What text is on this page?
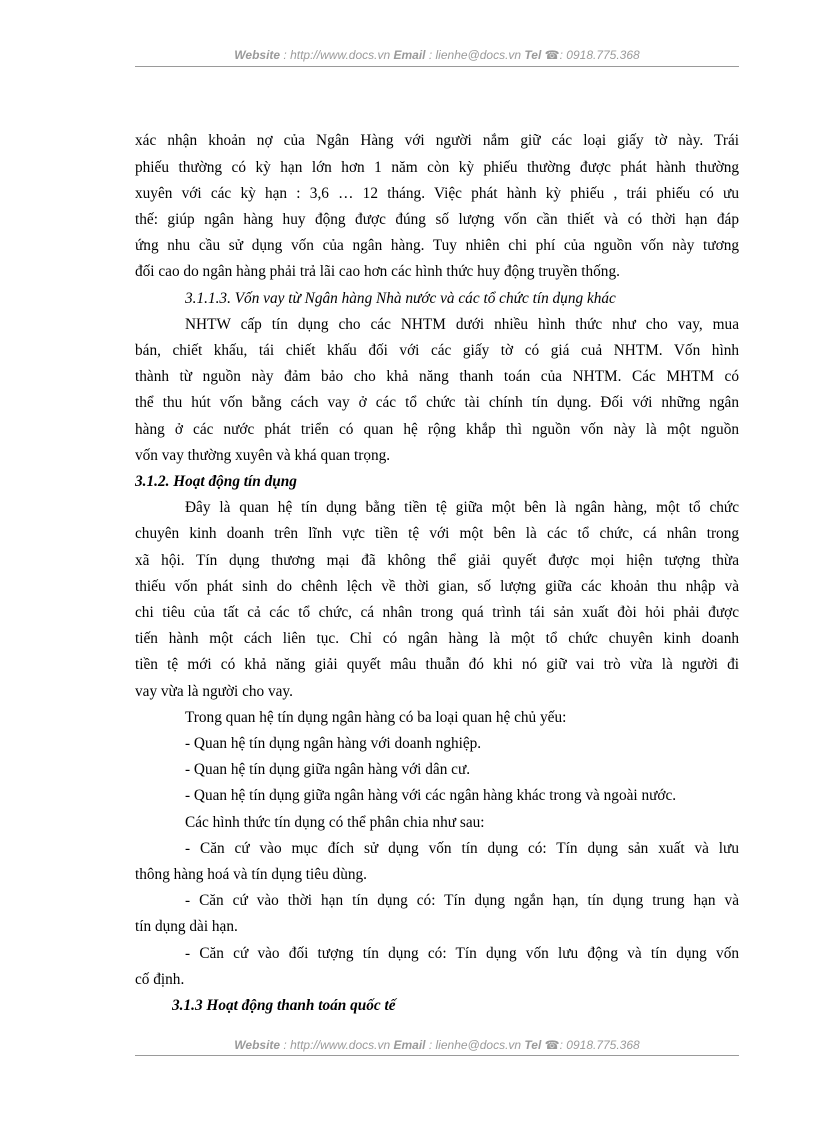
Website : http://www.docs.vn Email : lienhe@docs.vn Tel ☎: 0918.775.368
xác nhận khoản nợ của Ngân Hàng với người nắm giữ các loại giấy tờ này. Trái
phiếu thường có kỳ hạn lớn hơn 1 năm còn kỳ phiếu thường được phát hành thường
xuyên với các kỳ hạn : 3,6 … 12 tháng. Việc phát hành kỳ phiếu , trái phiếu có ưu
thế: giúp ngân hàng huy động được đúng số lượng vốn cần thiết và có thời hạn đáp
ứng nhu cầu sử dụng vốn của ngân hàng. Tuy nhiên chi phí của nguồn vốn này tương
đối cao do ngân hàng phải trả lãi cao hơn các hình thức huy động truyền thống.
3.1.1.3. Vốn vay từ Ngân hàng Nhà nước và các tổ chức tín dụng khác
NHTW cấp tín dụng cho các NHTM dưới nhiều hình thức như cho vay, mua
bán, chiết khấu, tái chiết khấu đối với các giấy tờ có giá cuả NHTM. Vốn hình
thành từ nguồn này đảm bảo cho khả năng thanh toán của NHTM. Các MHTM có
thể thu hút vốn bằng cách vay ở các tổ chức tài chính tín dụng. Đối với những ngân
hàng ở các nước phát triển có quan hệ rộng khắp thì nguồn vốn này là một nguồn
vốn vay thường xuyên và khá quan trọng.
3.1.2. Hoạt động tín dụng
Đây là quan hệ tín dụng bằng tiền tệ giữa một bên là ngân hàng, một tổ chức
chuyên kinh doanh trên lĩnh vực tiền tệ với một bên là các tổ chức, cá nhân trong
xã hội. Tín dụng thương mại đã không thể giải quyết được mọi hiện tượng thừa
thiếu vốn phát sinh do chênh lệch về thời gian, số lượng giữa các khoản thu nhập và
chi tiêu của tất cả các tổ chức, cá nhân trong quá trình tái sản xuất đòi hỏi phải được
tiến hành một cách liên tục. Chỉ có ngân hàng là một tổ chức chuyên kinh doanh
tiền tệ mới có khả năng giải quyết mâu thuẫn đó khi nó giữ vai trò vừa là người đi
vay vừa là người cho vay.
Trong quan hệ tín dụng ngân hàng có ba loại quan hệ chủ yếu:
- Quan hệ tín dụng ngân hàng với doanh nghiệp.
- Quan hệ tín dụng giữa ngân hàng với dân cư.
- Quan hệ tín dụng giữa ngân hàng với các ngân hàng khác trong và ngoài nước.
Các hình thức tín dụng có thể phân chia như sau:
- Căn cứ vào mục đích sử dụng vốn tín dụng có: Tín dụng sản xuất và lưu
thông hàng hoá và tín dụng tiêu dùng.
- Căn cứ vào thời hạn tín dụng có: Tín dụng ngắn hạn, tín dụng trung hạn và
tín dụng dài hạn.
- Căn cứ vào đối tượng tín dụng có: Tín dụng vốn lưu động và tín dụng vốn
cố định.
3.1.3 Hoạt động thanh toán quốc tế
Website : http://www.docs.vn Email : lienhe@docs.vn Tel ☎: 0918.775.368
